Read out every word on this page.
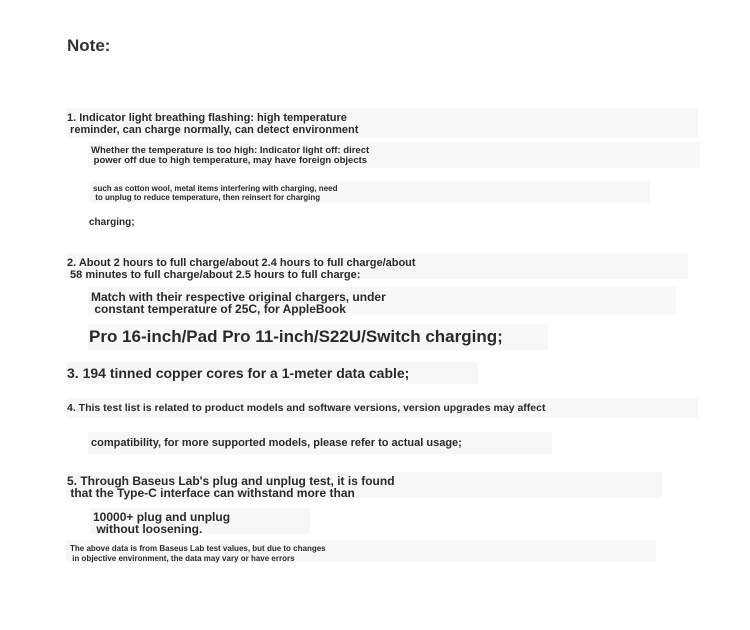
Note:
1. Indicator light breathing flashing: high temperature
reminder, can charge normally, can detect environment
Whether the temperature is too high: Indicator light off: direct
power off due to high temperature, may have foreign objects
such as cotton wool, metal items interfering with charging, need
to unplug to reduce temperature, then reinsert for charging
charging;
2. About 2 hours to full charge/about 2.4 hours to full charge/about
58 minutes to full charge/about 2.5 hours to full charge:
Match with their respective original chargers, under
constant temperature of 25C, for AppleBook
Pro 16-inch/Pad Pro 11-inch/S22U/Switch charging;
3. 194 tinned copper cores for a 1-meter data cable;
4. This test list is related to product models and software versions, version upgrades may affect
compatibility, for more supported models, please refer to actual usage;
5. Through Baseus Lab's plug and unplug test, it is found
that the Type-C interface can withstand more than
10000+ plug and unplug
without loosening.
The above data is from Baseus Lab test values, but due to changes
in objective environment, the data may vary or have errors
